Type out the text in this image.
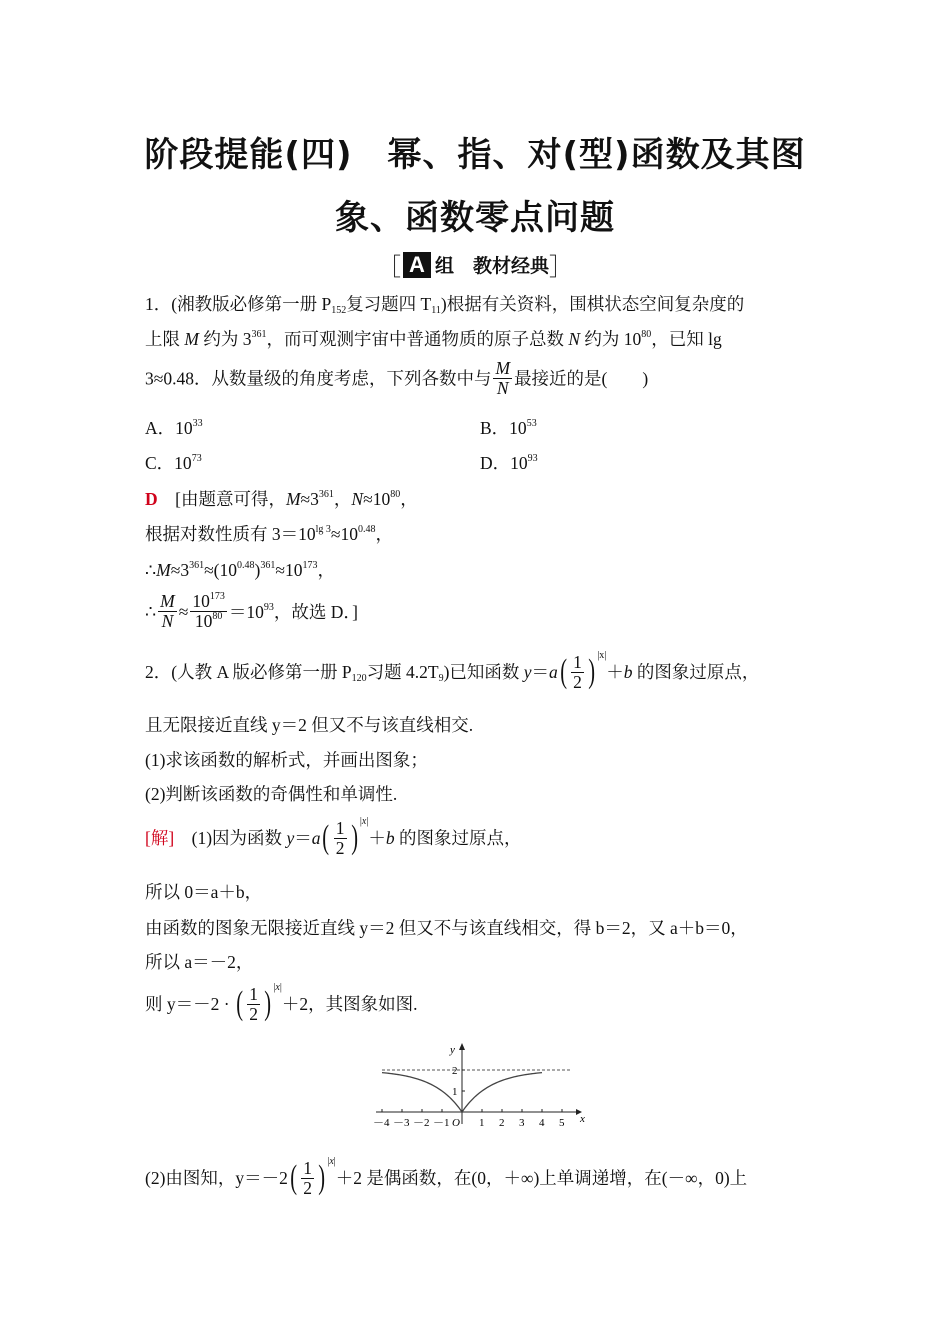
阶段提能(四)　幂、指、对(型)函数及其图
象、函数零点问题
［ A 组　教材经典］
1．(湘教版必修第一册 $P_{152}$复习题四 $T_{11}$)根据有关资料，围棋状态空间复杂度的
上限 M 约为 $3^{361}$，而可观测宇宙中普通物质的原子总数 N 约为 $10^{80}$，已知 lg
3≈0.48．从数量级的角度考虑，下列各数中与 $\frac{M}{N}$ 最接近的是(　　)
A．$10^{33}$	B．$10^{53}$
C．$10^{73}$	D．$10^{93}$
D　[由题意可得，$M\approx 3^{361}$，$N\approx 10^{80}$，
根据对数性质有 $3=10^{lg 3}\approx 10^{0.48}$，
$\therefore M\approx 3^{361}\approx(10^{0.48})^{361}\approx 10^{173}$，
∴ $\frac{M}{N} \approx \frac{10^{173}}{10^{80}} =10^{93}$，故选 D．]
2．(人教 A 版必修第一册 $P_{120}$习题 $4.2T_9$)已知函数 $y=a( \frac{1}{2}$ ) $^{|x|}$＋b 的图象过原点，
且无限接近直线 y＝2 但又不与该直线相交.
(1)求该函数的解析式，并画出图象；
(2)判断该函数的奇偶性和单调性.
[解]　(1)因为函数 $y=a( \frac{1}{2}$ ) $^{|x|}$＋b 的图象过原点，
所以 0＝a＋b，
由函数的图象无限接近直线 y＝2 但又不与该直线相交，得 b＝2，又 a＋b＝0，
所以 a＝－2，
则 y＝－2 · ( $\frac{1}{2}$ ) $^{|x|}$＋2，其图象如图.
－4 －3 －2 －1	1 2 3 4 5
1
2
y
x
O
(2)由图知，$y=-2( \frac{1}{2}$ ) $^{|x|}$＋2 是偶函数，在(0，＋∞)上单调递增，在(－∞，0)上
